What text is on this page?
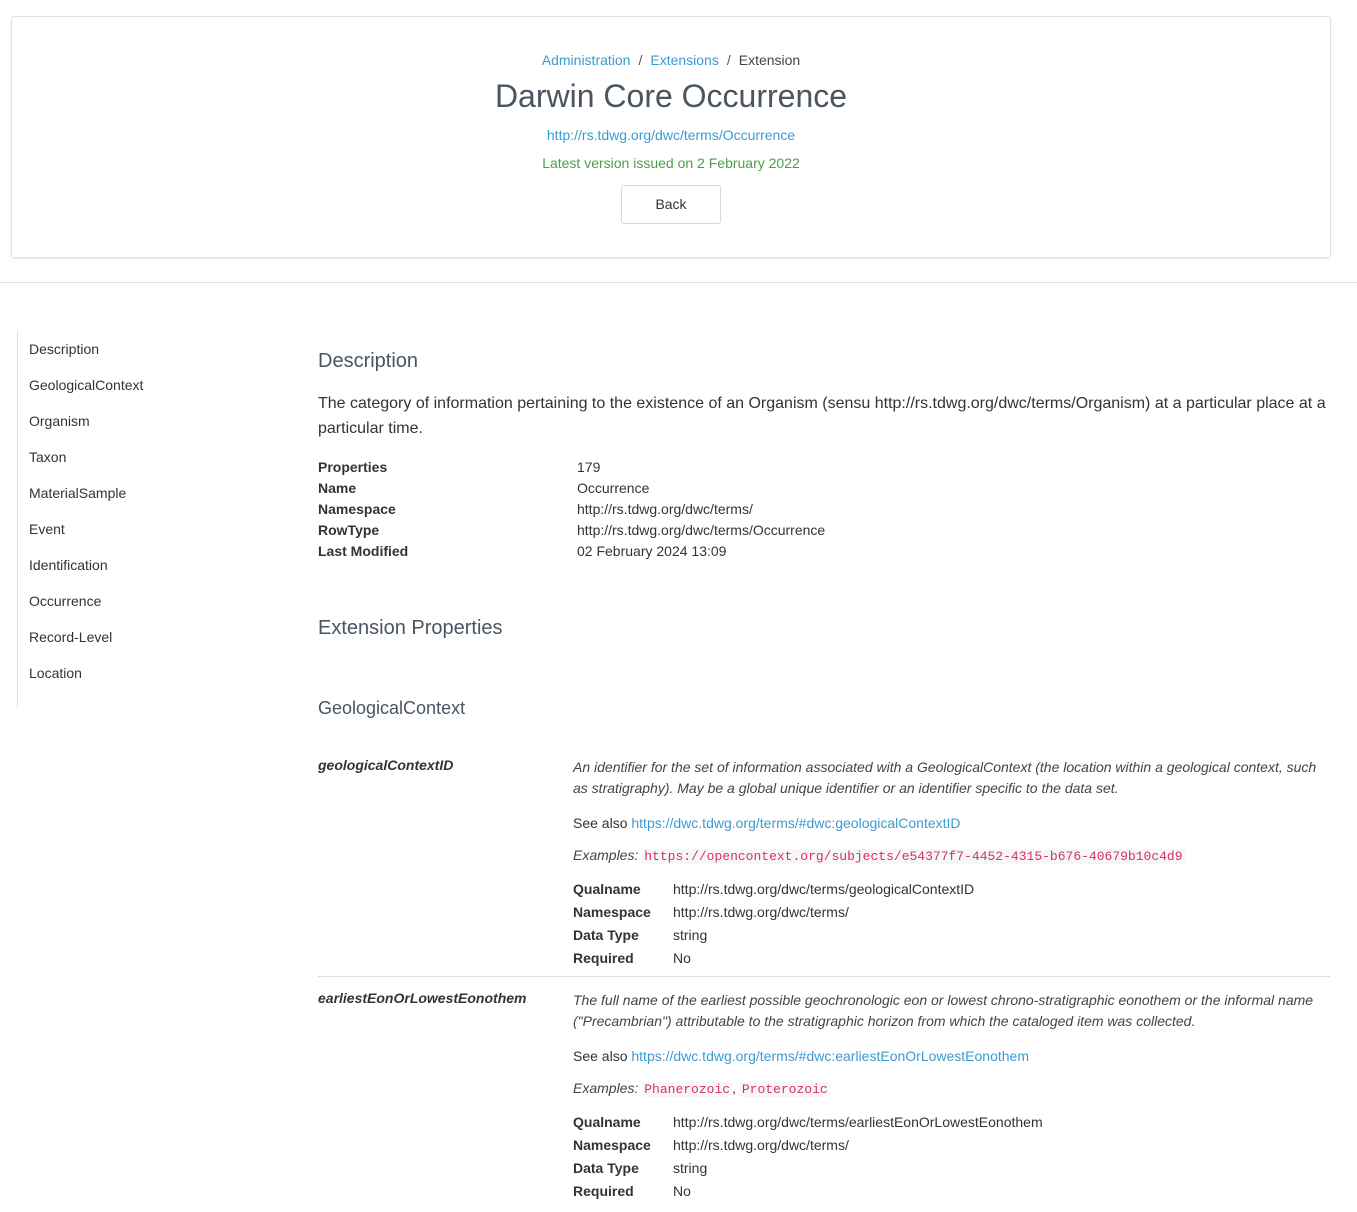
Administration / Extensions / Extension
Darwin Core Occurrence
http://rs.tdwg.org/dwc/terms/Occurrence
Latest version issued on 2 February 2022
Back
Description
GeologicalContext
Organism
Taxon
MaterialSample
Event
Identification
Occurrence
Record-Level
Location
Description

The category of information pertaining to the existence of an Organism (sensu http://rs.tdwg.org/dwc/terms/Organism) at a particular place at a particular time.

Properties	179
Name	Occurrence
Namespace	http://rs.tdwg.org/dwc/terms/
RowType	http://rs.tdwg.org/dwc/terms/Occurrence
Last Modified	02 February 2024 13:09
Extension Properties
GeologicalContext
geologicalContextID	An identifier for the set of information associated with a GeologicalContext (the location within a geological context, such as stratigraphy). May be a global unique identifier or an identifier specific to the data set.
See also https://dwc.tdwg.org/terms/#dwc:geologicalContextID
Examples: https://opencontext.org/subjects/e54377f7-4452-4315-b676-40679b10c4d9
Qualname	http://rs.tdwg.org/dwc/terms/geologicalContextID
Namespace	http://rs.tdwg.org/dwc/terms/
Data Type	string
Required	No
earliestEonOrLowestEonothem	The full name of the earliest possible geochronologic eon or lowest chrono-stratigraphic eonothem or the informal name ("Precambrian") attributable to the stratigraphic horizon from which the cataloged item was collected.
See also https://dwc.tdwg.org/terms/#dwc:earliestEonOrLowestEonothem
Examples: Phanerozoic , Proterozoic
Qualname	http://rs.tdwg.org/dwc/terms/earliestEonOrLowestEonothem
Namespace	http://rs.tdwg.org/dwc/terms/
Data Type	string
Required	No
